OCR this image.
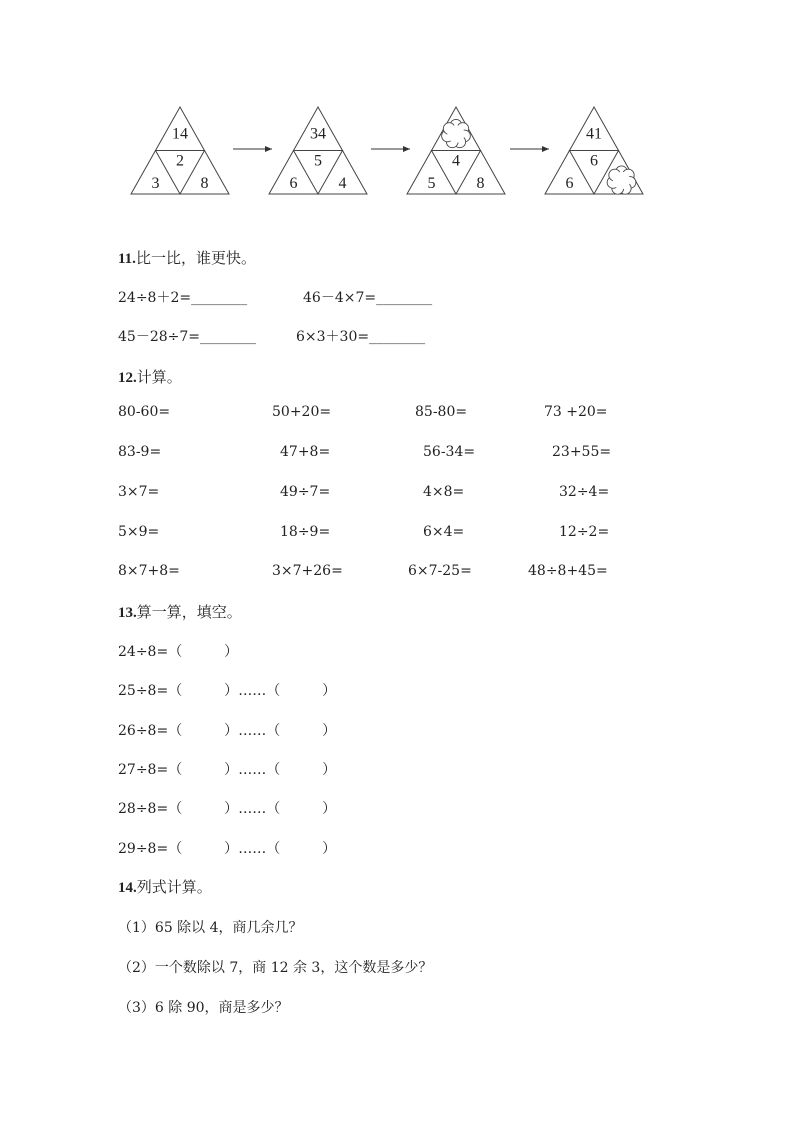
14
3
2
8
34
6
5
4	5
4
8
41
6
6
11.比一比，谁更快。
24÷8＋2=________	46－4×7=________
45－28÷7=________	6×3＋30=________
12.计算。
80-60=	50+20=	85-80=	73 +20=
83-9=	47+8=	56-34=	23+55=
3×7=	49÷7=	4×8=	32÷4=
5×9=	18÷9=	6×4=	12÷2=
8×7+8=	3×7+26=	6×7-25=	48÷8+45=
13.算一算，填空。
24÷8=（　　　）
25÷8=（　　　）……（　　　）
26÷8=（　　　）……（　　　）
27÷8=（　　　）……（　　　）
28÷8=（　　　）……（　　　）
29÷8=（　　　）……（　　　）
14.列式计算。
（1）65 除以 4，商几余几？
（2）一个数除以 7，商 12 余 3，这个数是多少？
（3）6 除 90，商是多少？
